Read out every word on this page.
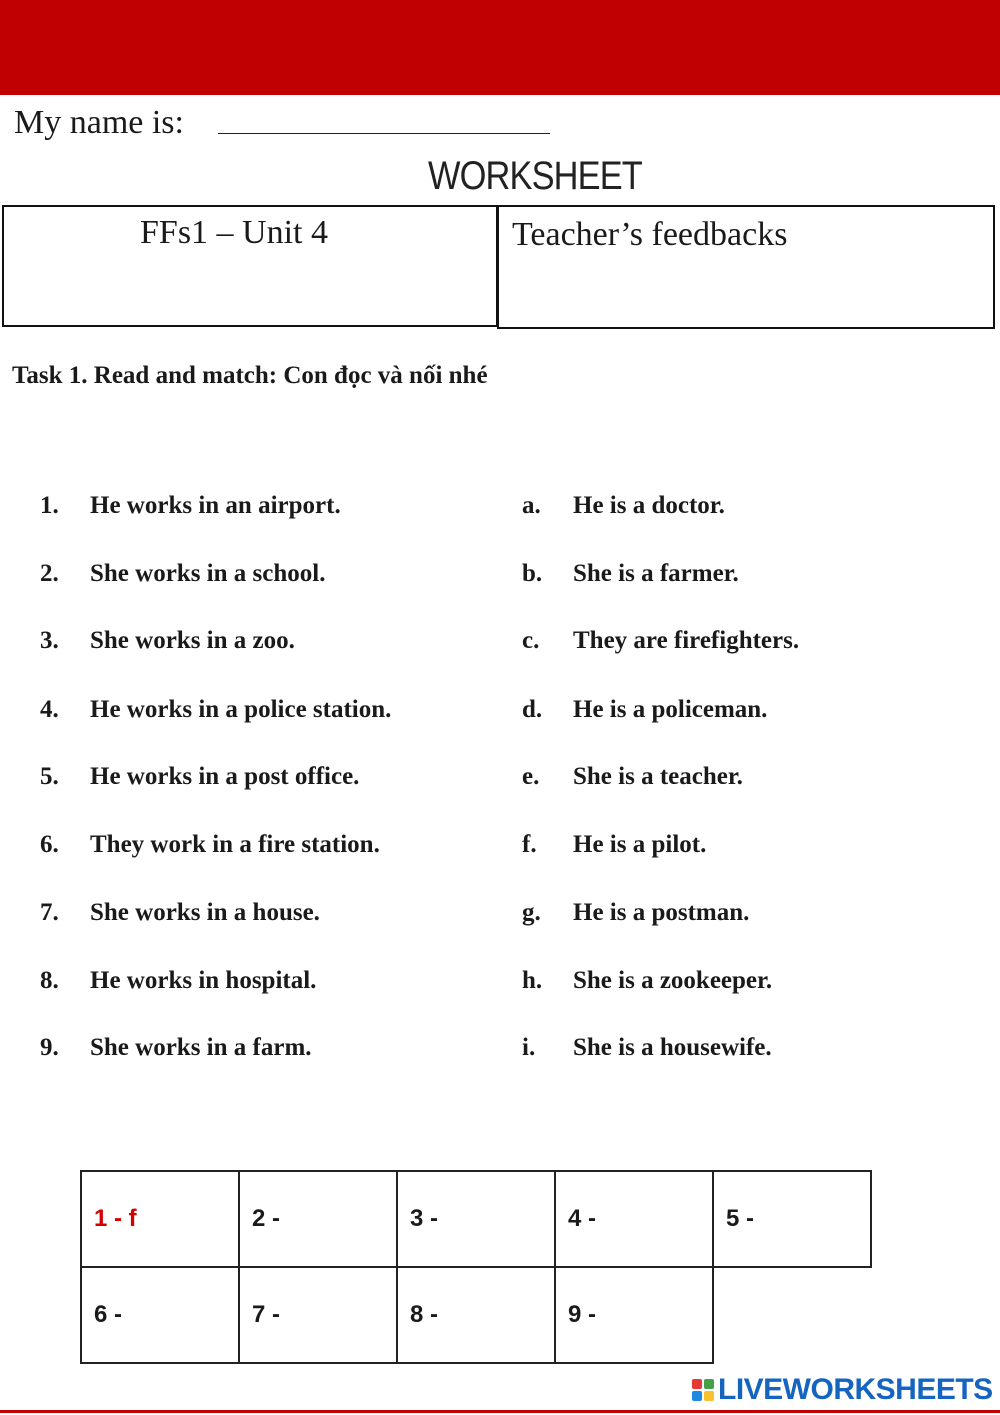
My name is:
WORKSHEET
FFs1 – Unit 4	Teacher’s feedbacks
Task 1. Read and match: Con đọc và nối nhé
1.	He works in an airport.	a. He is a doctor.
2.	She works in a school.	b. She is a farmer.
3.	She works in a zoo.	c. They are firefighters.
4.	He works in a police station.	d. He is a policeman.
5.	He works in a post office.	e. She is a teacher.
6.	They work in a fire station.	f. He is a pilot.
7.	She works in a house.	g. He is a postman.
8.	He works in hospital.	h. She is a zookeeper.
9.	She works in a farm.	i. She is a housewife.
1 - f	2 -	3 -	4 -	5 -
6 -	7 -	8 -	9 -	
LIVEWORKSHEETS
